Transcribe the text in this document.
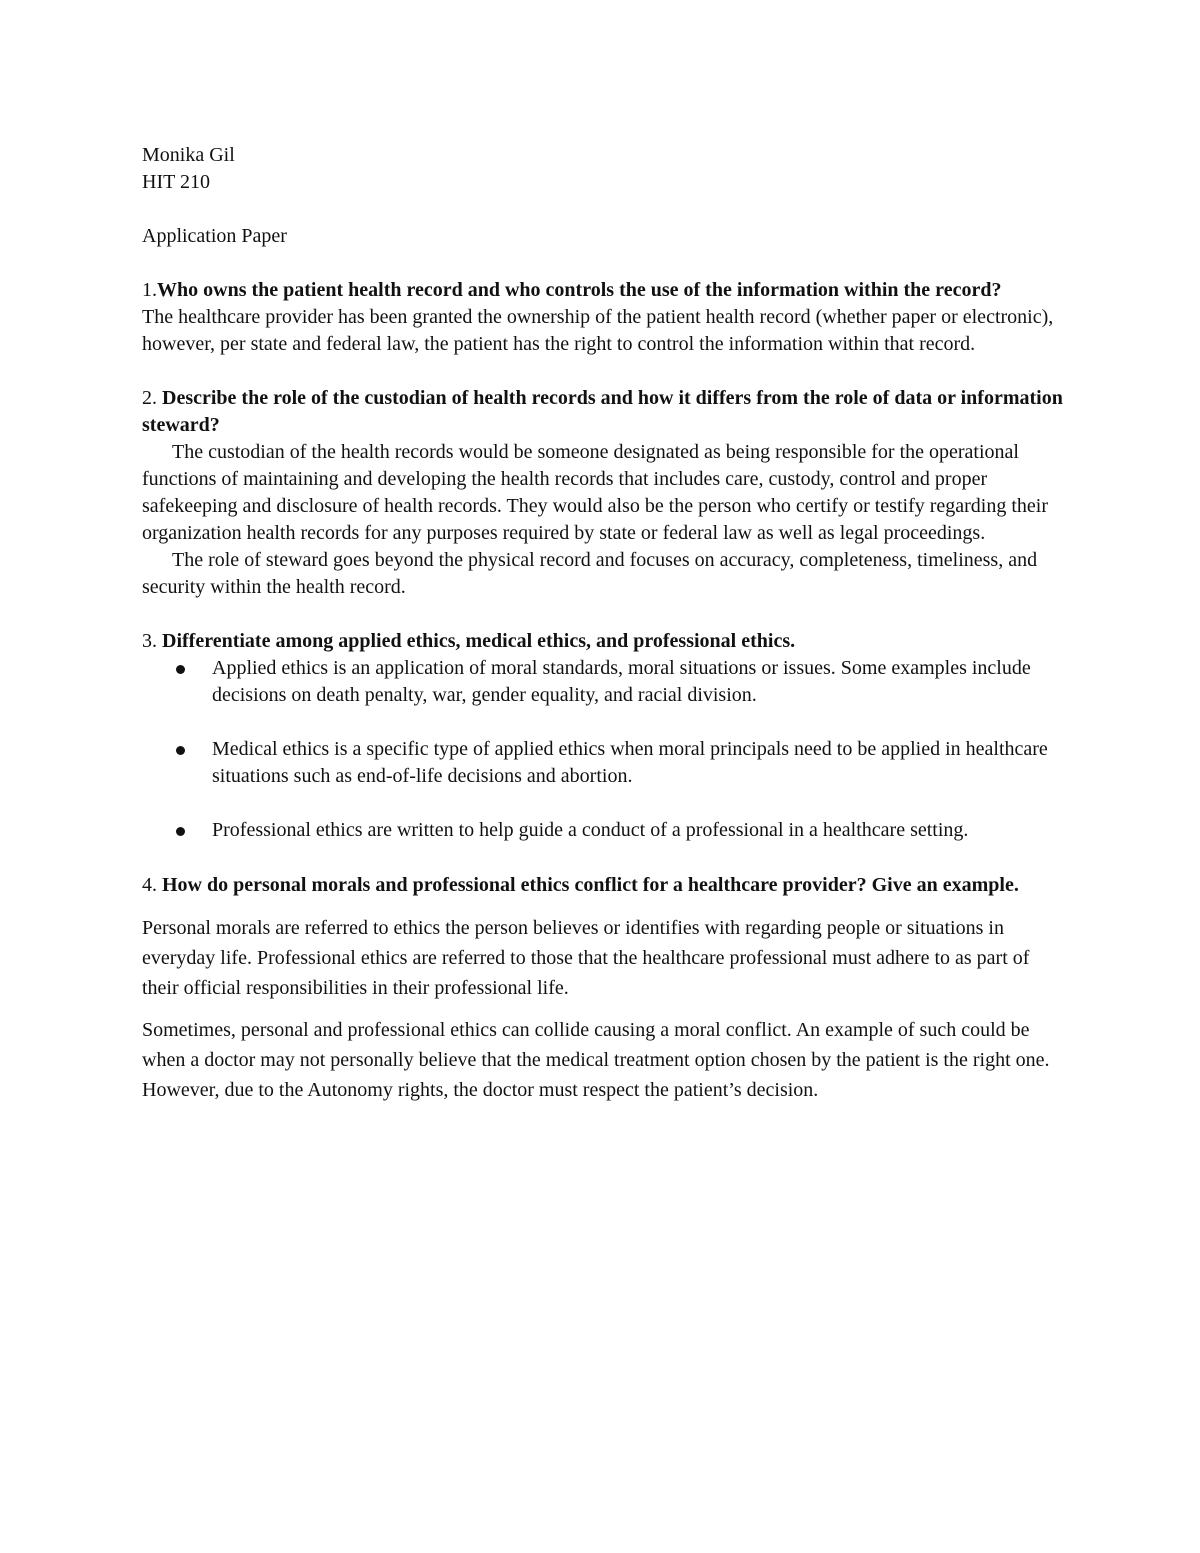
Monika Gil

HIT 210

Application Paper

1.Who owns the patient health record and who controls the use of the information within the record?

The healthcare provider has been granted the ownership of the patient health record (whether paper or electronic), however, per state and federal law, the patient has the right to control the information within that record.

2. Describe the role of the custodian of health records and how it differs from the role of data or information steward?

The custodian of the health records would be someone designated as being responsible for the operational functions of maintaining and developing the health records that includes care, custody, control and proper safekeeping and disclosure of health records. They would also be the person who certify or testify regarding their organization health records for any purposes required by state or federal law as well as legal proceedings.

The role of steward goes beyond the physical record and focuses on accuracy, completeness, timeliness, and security within the health record.

3. Differentiate among applied ethics, medical ethics, and professional ethics.

Applied ethics is an application of moral standards, moral situations or issues. Some examples include decisions on death penalty, war, gender equality, and racial division.
Medical ethics is a specific type of applied ethics when moral principals need to be applied in healthcare situations such as end-of-life decisions and abortion.
Professional ethics are written to help guide a conduct of a professional in a healthcare setting.

4. How do personal morals and professional ethics conflict for a healthcare provider? Give an example.

Personal morals are referred to ethics the person believes or identifies with regarding people or situations in everyday life. Professional ethics are referred to those that the healthcare professional must adhere to as part of their official responsibilities in their professional life.

Sometimes, personal and professional ethics can collide causing a moral conflict. An example of such could be when a doctor may not personally believe that the medical treatment option chosen by the patient is the right one. However, due to the Autonomy rights, the doctor must respect the patient’s decision.
